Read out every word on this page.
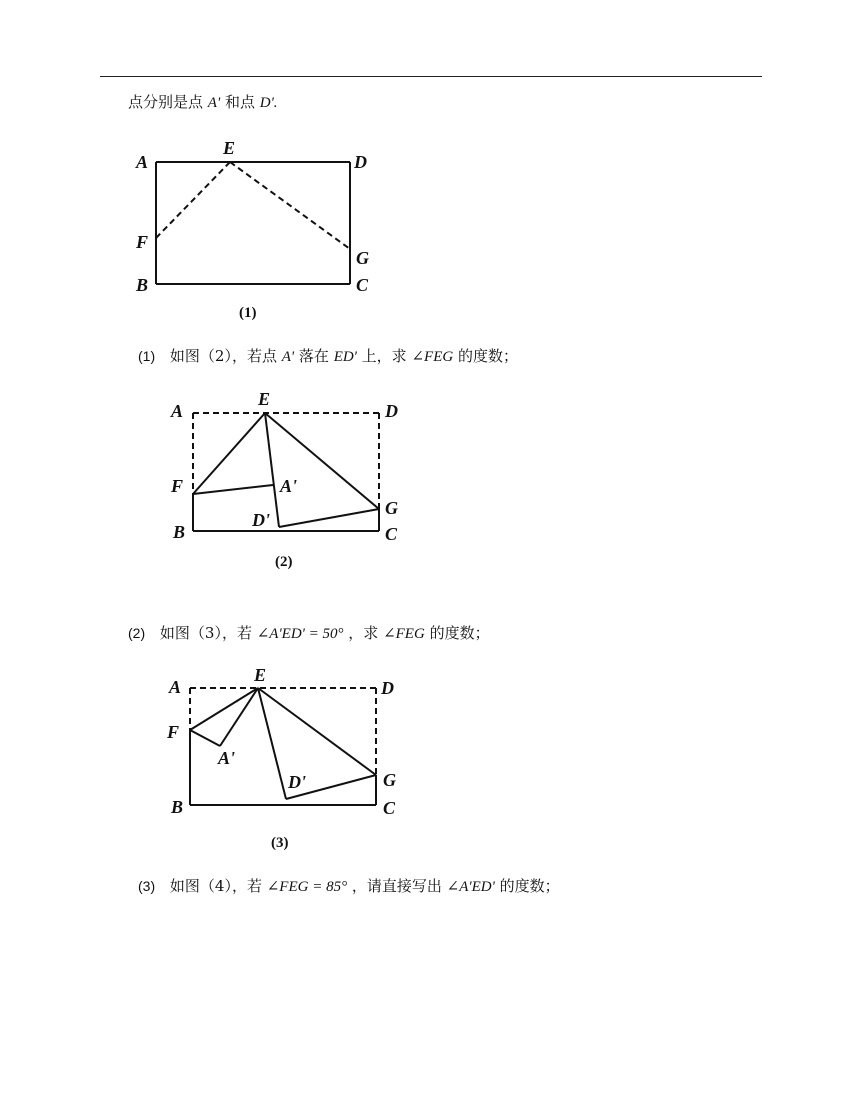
点分别是点 A' 和点 D'.
A
E
D
F
G
B	C
(1)
(1) 如图（2），若点 A' 落在 ED' 上，求 ∠FEG 的度数；
A
E
D
F	A'
G
D'
B	C
(2)
(2) 如图（3），若 ∠A'ED' = 50° ，求 ∠FEG 的度数；
A
E
D
F
A'
D'	G
B	C
(3)
(3) 如图（4），若 ∠FEG = 85° ，请直接写出 ∠A'ED' 的度数；
